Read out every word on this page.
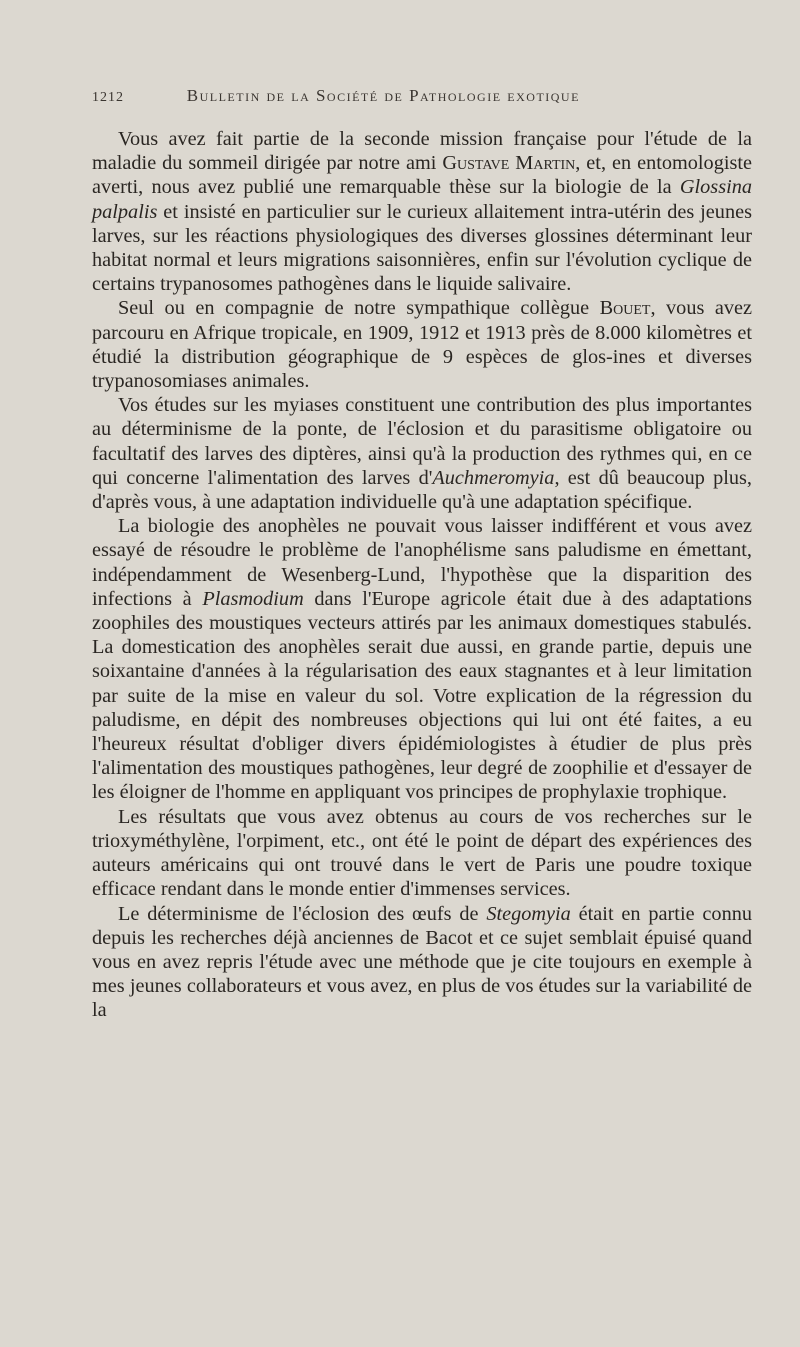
1212	Bulletin de la Société de Pathologie exotique

Vous avez fait partie de la seconde mission française pour l'étude de la maladie du sommeil dirigée par notre ami Gustave Martin, et, en entomologiste averti, nous avez publié une remarquable thèse sur la biologie de la Glossina palpalis et insisté en particulier sur le curieux allaitement intra-utérin des jeunes larves, sur les réactions physiologiques des diverses glossines déterminant leur habitat normal et leurs migrations saisonnières, enfin sur l'évolution cyclique de certains trypanosomes pathogènes dans le liquide salivaire.

Seul ou en compagnie de notre sympathique collègue Bouet, vous avez parcouru en Afrique tropicale, en 1909, 1912 et 1913 près de 8.000 kilomètres et étudié la distribution géographique de 9 espèces de glos-ines et diverses trypanosomiases animales.

Vos études sur les myiases constituent une contribution des plus importantes au déterminisme de la ponte, de l'éclosion et du parasitisme obligatoire ou facultatif des larves des diptères, ainsi qu'à la production des rythmes qui, en ce qui concerne l'alimentation des larves d'Auchmeromyia, est dû beaucoup plus, d'après vous, à une adaptation individuelle qu'à une adaptation spécifique.

La biologie des anophèles ne pouvait vous laisser indifférent et vous avez essayé de résoudre le problème de l'anophélisme sans paludisme en émettant, indépendamment de Wesenberg-Lund, l'hypothèse que la disparition des infections à Plasmodium dans l'Europe agricole était due à des adaptations zoophiles des moustiques vecteurs attirés par les animaux domestiques stabulés. La domestication des anophèles serait due aussi, en grande partie, depuis une soixantaine d'années à la régularisation des eaux stagnantes et à leur limitation par suite de la mise en valeur du sol. Votre explication de la régression du paludisme, en dépit des nombreuses objections qui lui ont été faites, a eu l'heureux résultat d'obliger divers épidémiologistes à étudier de plus près l'alimentation des moustiques pathogènes, leur degré de zoophilie et d'essayer de les éloigner de l'homme en appliquant vos principes de prophylaxie trophique.

Les résultats que vous avez obtenus au cours de vos recherches sur le trioxyméthylène, l'orpiment, etc., ont été le point de départ des expériences des auteurs américains qui ont trouvé dans le vert de Paris une poudre toxique efficace rendant dans le monde entier d'immenses services.

Le déterminisme de l'éclosion des œufs de Stegomyia était en partie connu depuis les recherches déjà anciennes de Bacot et ce sujet semblait épuisé quand vous en avez repris l'étude avec une méthode que je cite toujours en exemple à mes jeunes collaborateurs et vous avez, en plus de vos études sur la variabilité de la
